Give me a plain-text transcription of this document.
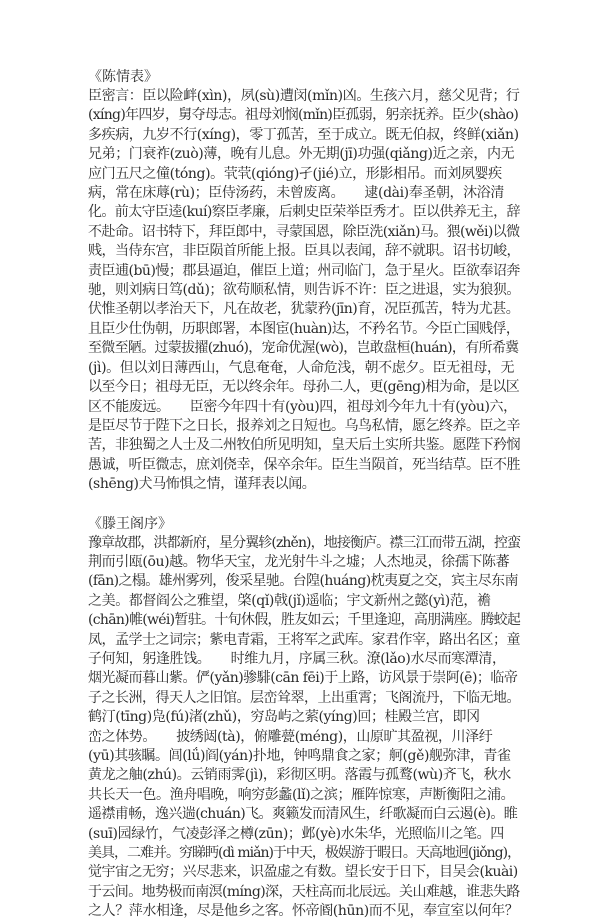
《陈情表》
臣密言：臣以险衅(xìn)，夙(sù)遭闵(mǐn)凶。生孩六月，慈父见背；行
(xíng)年四岁，舅夺母志。祖母刘悯(mǐn)臣孤弱，躬亲抚养。臣少(shào)
多疾病，九岁不行(xíng)，零丁孤苦，至于成立。既无伯叔，终鲜(xiǎn)
兄弟；门衰祚(zuò)薄，晚有儿息。外无期(jī)功强(qiǎng)近之亲，内无
应门五尺之僮(tóng)。茕茕(qióng)孑(jié)立，形影相吊。而刘夙婴疾
病，常在床蓐(rù)；臣侍汤药，未曾废离。　　逮(dài)奉圣朝，沐浴清
化。前太守臣逵(kuí)察臣孝廉，后刺史臣荣举臣秀才。臣以供养无主，辞
不赴命。诏书特下，拜臣郎中，寻蒙国恩，除臣洗(xiǎn)马。猥(wěi)以微
贱，当侍东宫，非臣陨首所能上报。臣具以表闻，辞不就职。诏书切峻，
责臣逋(bū)慢；郡县逼迫，催臣上道；州司临门，急于星火。臣欲奉诏奔
驰，则刘病日笃(dǔ)；欲苟顺私情，则告诉不许：臣之进退，实为狼狈。
伏惟圣朝以孝治天下，凡在故老，犹蒙矜(jīn)育，况臣孤苦，特为尤甚。
且臣少仕伪朝，历职郎署，本图宦(huàn)达，不矜名节。今臣亡国贱俘，
至微至陋。过蒙拔擢(zhuó)，宠命优渥(wò)，岂敢盘桓(huán)，有所希冀
(jì)。但以刘日薄西山，气息奄奄，人命危浅，朝不虑夕。臣无祖母，无
以至今日；祖母无臣，无以终余年。母孙二人，更(gēng)相为命，是以区
区不能废远。　　臣密今年四十有(yòu)四，祖母刘今年九十有(yòu)六，
是臣尽节于陛下之日长，报养刘之日短也。乌鸟私情，愿乞终养。臣之辛
苦，非独蜀之人士及二州牧伯所见明知，皇天后土实所共鉴。愿陛下矜悯
愚诚，听臣微志，庶刘侥幸，保卒余年。臣生当陨首，死当结草。臣不胜
(shēng)犬马怖惧之情，谨拜表以闻。
《滕王阁序》
豫章故郡，洪都新府，星分翼轸(zhěn)，地接衡庐。襟三江而带五湖，控蛮
荆而引瓯(ōu)越。物华天宝，龙光射牛斗之墟；人杰地灵，徐孺下陈蕃
(fān)之榻。雄州雾列，俊采星驰。台隍(huáng)枕夷夏之交，宾主尽东南
之美。都督阎公之雅望，棨(qǐ)戟(jǐ)遥临；宇文新州之懿(yì)范，襜
(chān)帷(wéi)暂驻。十旬休假，胜友如云；千里逢迎，高朋满座。腾蛟起
凤，孟学士之词宗；紫电青霜，王将军之武库。家君作宰，路出名区；童
子何知，躬逢胜饯。　　时维九月，序属三秋。潦(lǎo)水尽而寒潭清，
烟光凝而暮山紫。俨(yǎn)骖騑(cān fēi)于上路，访风景于崇阿(ē)；临帝
子之长洲，得天人之旧馆。层峦耸翠，上出重霄；飞阁流丹，下临无地。
鹤汀(tīng)凫(fú)渚(zhǔ)，穷岛屿之萦(yíng)回；桂殿兰宫，即冈
峦之体势。　　披绣闼(tà)，俯雕甍(méng)，山原旷其盈视，川泽纡
(yū)其骇瞩。闾(lǘ)阎(yán)扑地，钟鸣鼎食之家；舸(gě)舰弥津，青雀
黄龙之舳(zhú)。云销雨霁(jì)，彩彻区明。落霞与孤鹜(wù)齐飞，秋水
共长天一色。渔舟唱晚，响穷彭蠡(lǐ)之滨；雁阵惊寒，声断衡阳之浦。
遥襟甫畅，逸兴遄(chuán)飞。爽籁发而清风生，纤歌凝而白云遏(è)。睢
(suī)园绿竹，气凌彭泽之樽(zūn)；邺(yè)水朱华，光照临川之笔。四
美具，二难并。穷睇眄(dì miǎn)于中天，极娱游于暇日。天高地迥(jiǒng)，
觉宇宙之无穷；兴尽悲来，识盈虚之有数。望长安于日下，目吴会(kuài)
于云间。地势极而南溟(míng)深，天柱高而北辰远。关山难越，谁悲失路
之人？萍水相逢，尽是他乡之客。怀帝阍(hūn)而不见，奉宣室以何年？
